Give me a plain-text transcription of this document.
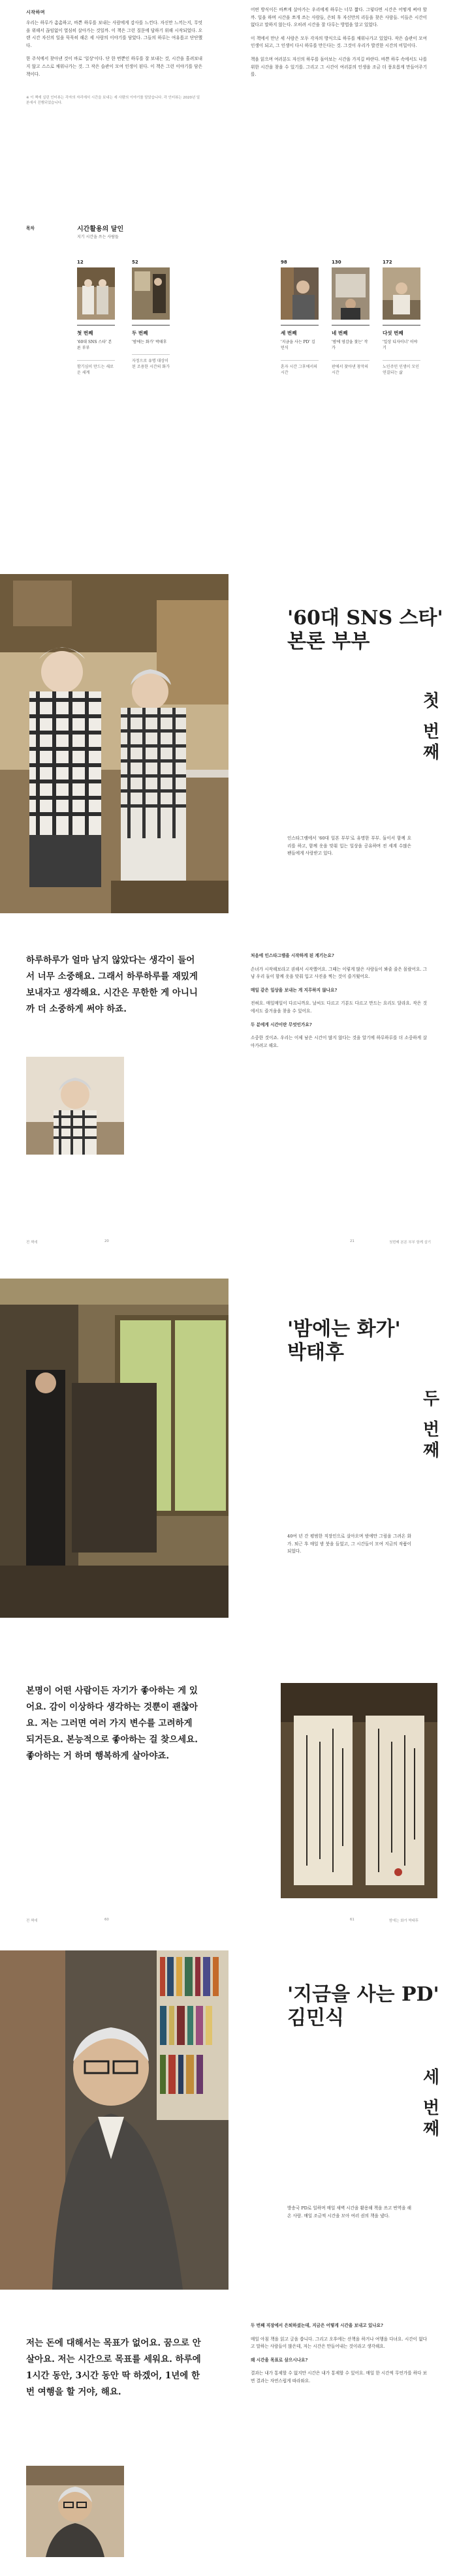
시작하며

우리는 하루가 촘촘하고, 바쁜 하루를 보내는 사람에게 감사를 느낀다. 자신만 느끼는지, 무엇을 위해서 끊임없이 열심히 살아가는 것일까. 이 책은 그런 질문에 답하기 위해 시작되었다. 오랜 시간 자신의 일을 묵묵히 해온 세 사람의 이야기를 담았다. 그들의 하루는 여유롭고 단단했다.

한 주석에서 찾아낸 것이 바로 '일상'이다. 단 한 번뿐인 하루를 잘 보내는 것, 시간을 흘려보내지 않고 스스로 채워나가는 것. 그 작은 습관이 모여 인생이 된다. 이 책은 그런 이야기를 담은 책이다.

※ 이 책에 실린 인터뷰는 각자의 자리에서 시간을 보내는 세 사람의 이야기를 담았습니다. 각 인터뷰는 2020년 일본에서 진행되었습니다.

어떤 방식이든 바쁘게 살아가는 우리에게 하루는 너무 짧다. 그렇다면 시간은 어떻게 써야 할까. 일을 하며 시간을 쪼개 쓰는 사람들, 은퇴 후 자신만의 리듬을 찾은 사람들. 이들은 시간이 없다고 말하지 않는다. 오히려 시간을 잘 다루는 방법을 알고 있었다.

이 책에서 만난 세 사람은 모두 각자의 방식으로 하루를 채워나가고 있었다. 작은 습관이 모여 인생이 되고, 그 인생이 다시 하루를 만든다는 것. 그것이 우리가 발견한 시간의 비밀이다.

책을 읽으며 여러분도 자신의 하루를 돌아보는 시간을 가지길 바란다. 바쁜 하루 속에서도 나를 위한 시간을 찾을 수 있기를. 그리고 그 시간이 여러분의 인생을 조금 더 풍요롭게 만들어주기를.

목차	시간활용의 달인
지기 시간을 쓰는 사람들
12
첫 번째
'60대 SNS 스타' 본론 부부
함기심이 만드는 새로운 세계
52
두 번째
'밤에는 화가' 박태후
자정으로 유명 대상이 된 조용한 시간의 화가
98
세 번째
'지금을 사는 PD' 김민식
혼자 시간 그후에서의 시간
130
네 번째
'밤에 영감을 찾는' 작가
판에서 찾아낸 창작의 시간
172
다섯 번째
'일상 디자이너' 이야기
노인주민 인생이 모인 연결되는 삶
'60대 SNS 스타'
본론 부부
첫 번째
인스타그램에서 '60대 일본 부부'로 유명한 부부. 둘이서 함께 요리를 하고, 함께 옷을 맞춰 입는 일상을 공유하며 전 세계 수많은 팬들에게 사랑받고 있다.
하루하루가 얼마 남지 않았다는 생각이 들어서 너무 소중해요. 그래서 하루하루를 재밌게 보내자고 생각해요. 시간은 무한한 게 아니니까 더 소중하게 써야 하죠.
처음에 인스타그램을 시작하게 된 계기는요?
손녀가 시작해보라고 권해서 시작했어요. 그때는 이렇게 많은 사람들이 봐줄 줄은 몰랐어요. 그냥 우리 둘이 함께 옷을 맞춰 입고 사진을 찍는 것이 즐거웠어요.
매일 같은 일상을 보내는 게 지루하지 않나요?
전혀요. 매일매일이 다르니까요. 날씨도 다르고 기분도 다르고 만드는 요리도 달라요. 작은 것에서도 즐거움을 찾을 수 있어요.
두 분에게 시간이란 무엇인가요?
소중한 것이죠. 우리는 이제 남은 시간이 많지 않다는 것을 알기에 하루하루를 더 소중하게 살아가려고 해요.
전 책에	20	21	첫번째 본론 부부 함께 살기
'밤에는 화가'
박태후
두 번째
40여 년 간 평범한 직장인으로 살아오며 밤에만 그림을 그려온 화가. 퇴근 후 매일 밤 붓을 들었고, 그 시간들이 모여 지금의 작품이 되었다.
본명이 어떤 사람이든 자기가 좋아하는 게 있어요. 감이 이상하다 생각하는 것뿐이 괜찮아요. 저는 그러면 여러 가지 변수를 고려하게 되거든요. 본능적으로 좋아하는 걸 찾으세요. 좋아하는 거 하며 행복하게 살아야죠.
전 책에	60	61	밤에는 화가 박태후
'지금을 사는 PD'
김민식
세 번째
방송국 PD로 일하며 매일 새벽 시간을 활용해 책을 쓰고 번역을 해온 사람. 매일 조금씩 시간을 모아 여러 권의 책을 냈다.
저는 돈에 대해서는 목표가 없어요. 꿈으로 안 살아요. 저는 시간으로 목표를 세워요. 하루에 1시간 동안, 3시간 동안 딱 하겠어, 1년에 한 번 여행을 할 거야, 해요.
두 번째 직장에서 은퇴하셨는데, 지금은 어떻게 시간을 보내고 있나요?
매일 아침 책을 읽고 글을 씁니다. 그리고 오후에는 산책을 하거나 여행을 다녀요. 시간이 없다고 말하는 사람들이 많은데, 저는 시간은 만들어내는 것이라고 생각해요.
왜 시간을 목표로 삼으시나요?
결과는 내가 통제할 수 없지만 시간은 내가 통제할 수 있어요. 매일 한 시간씩 무언가를 하다 보면 결과는 자연스럽게 따라와요.
